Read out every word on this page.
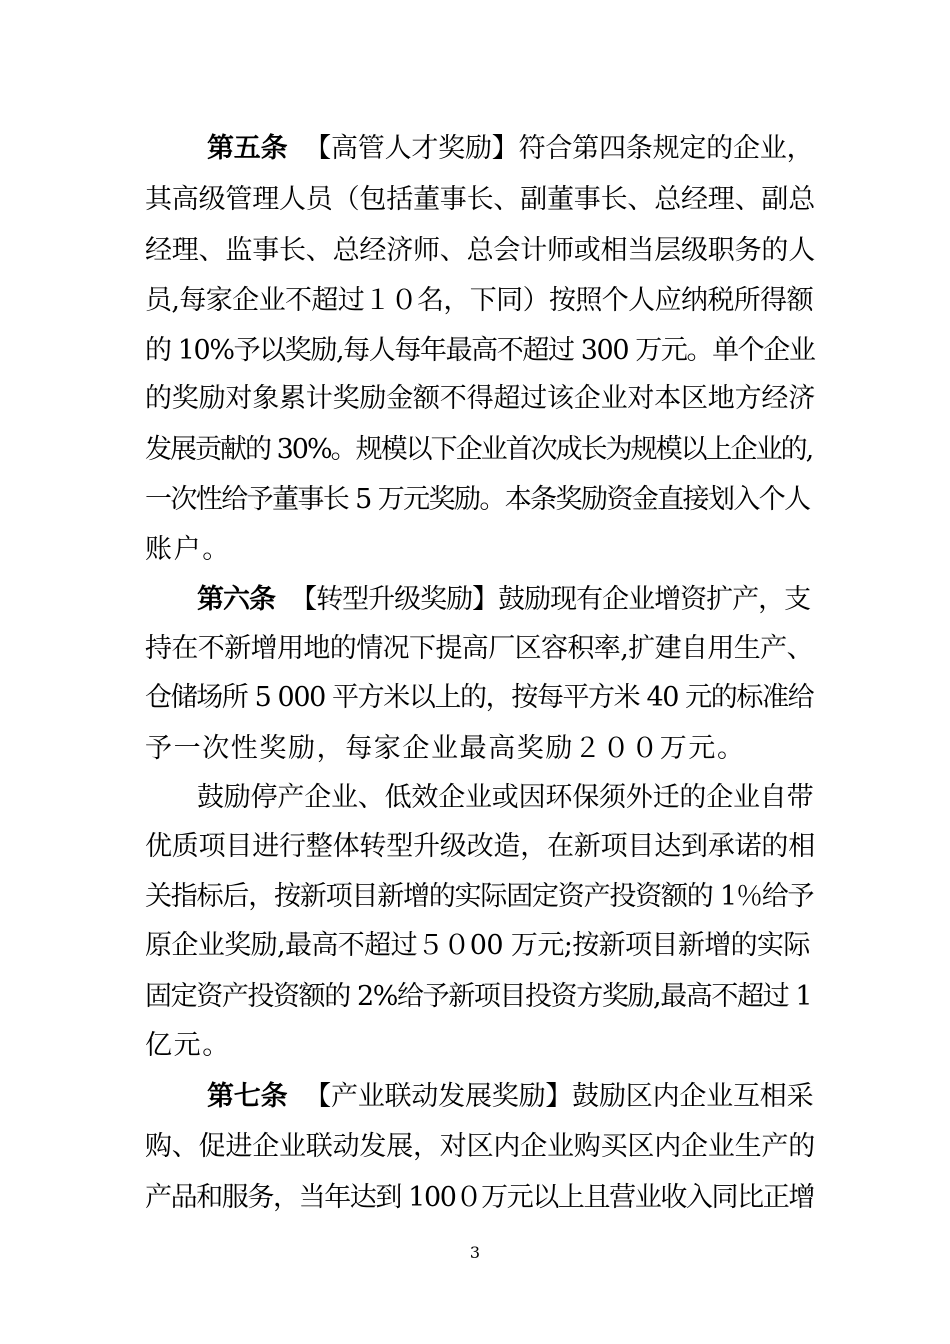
第五条 【高管人才奖励】符合第四条规定的企业，
其高级管理人员（包括董事长、副董事长、总经理、副总
经理、监事长、总经济师、总会计师或相当层级职务的人
员,每家企业不超过１０名，下同）按照个人应纳税所得额
的 10%予以奖励,每人每年最高不超过 300 万元。单个企业
的奖励对象累计奖励金额不得超过该企业对本区地方经济
发展贡献的 30%。规模以下企业首次成长为规模以上企业的,
一次性给予董事长 5 万元奖励。本条奖励资金直接划入个人
账户。
第六条 【转型升级奖励】鼓励现有企业增资扩产，支
持在不新增用地的情况下提高厂区容积率,扩建自用生产、
仓储场所 5 000 平方米以上的，按每平方米 40 元的标准给
予一次性奖励，每家企业最高奖励２００万元。
鼓励停产企业、低效企业或因环保须外迁的企业自带
优质项目进行整体转型升级改造，在新项目达到承诺的相
关指标后，按新项目新增的实际固定资产投资额的 1％给予
原企业奖励,最高不超过５０00 万元;按新项目新增的实际
固定资产投资额的 2%给予新项目投资方奖励,最高不超过 1
亿元。
第七条 【产业联动发展奖励】鼓励区内企业互相采
购、促进企业联动发展，对区内企业购买区内企业生产的
产品和服务，当年达到 100０万元以上且营业收入同比正增
3
